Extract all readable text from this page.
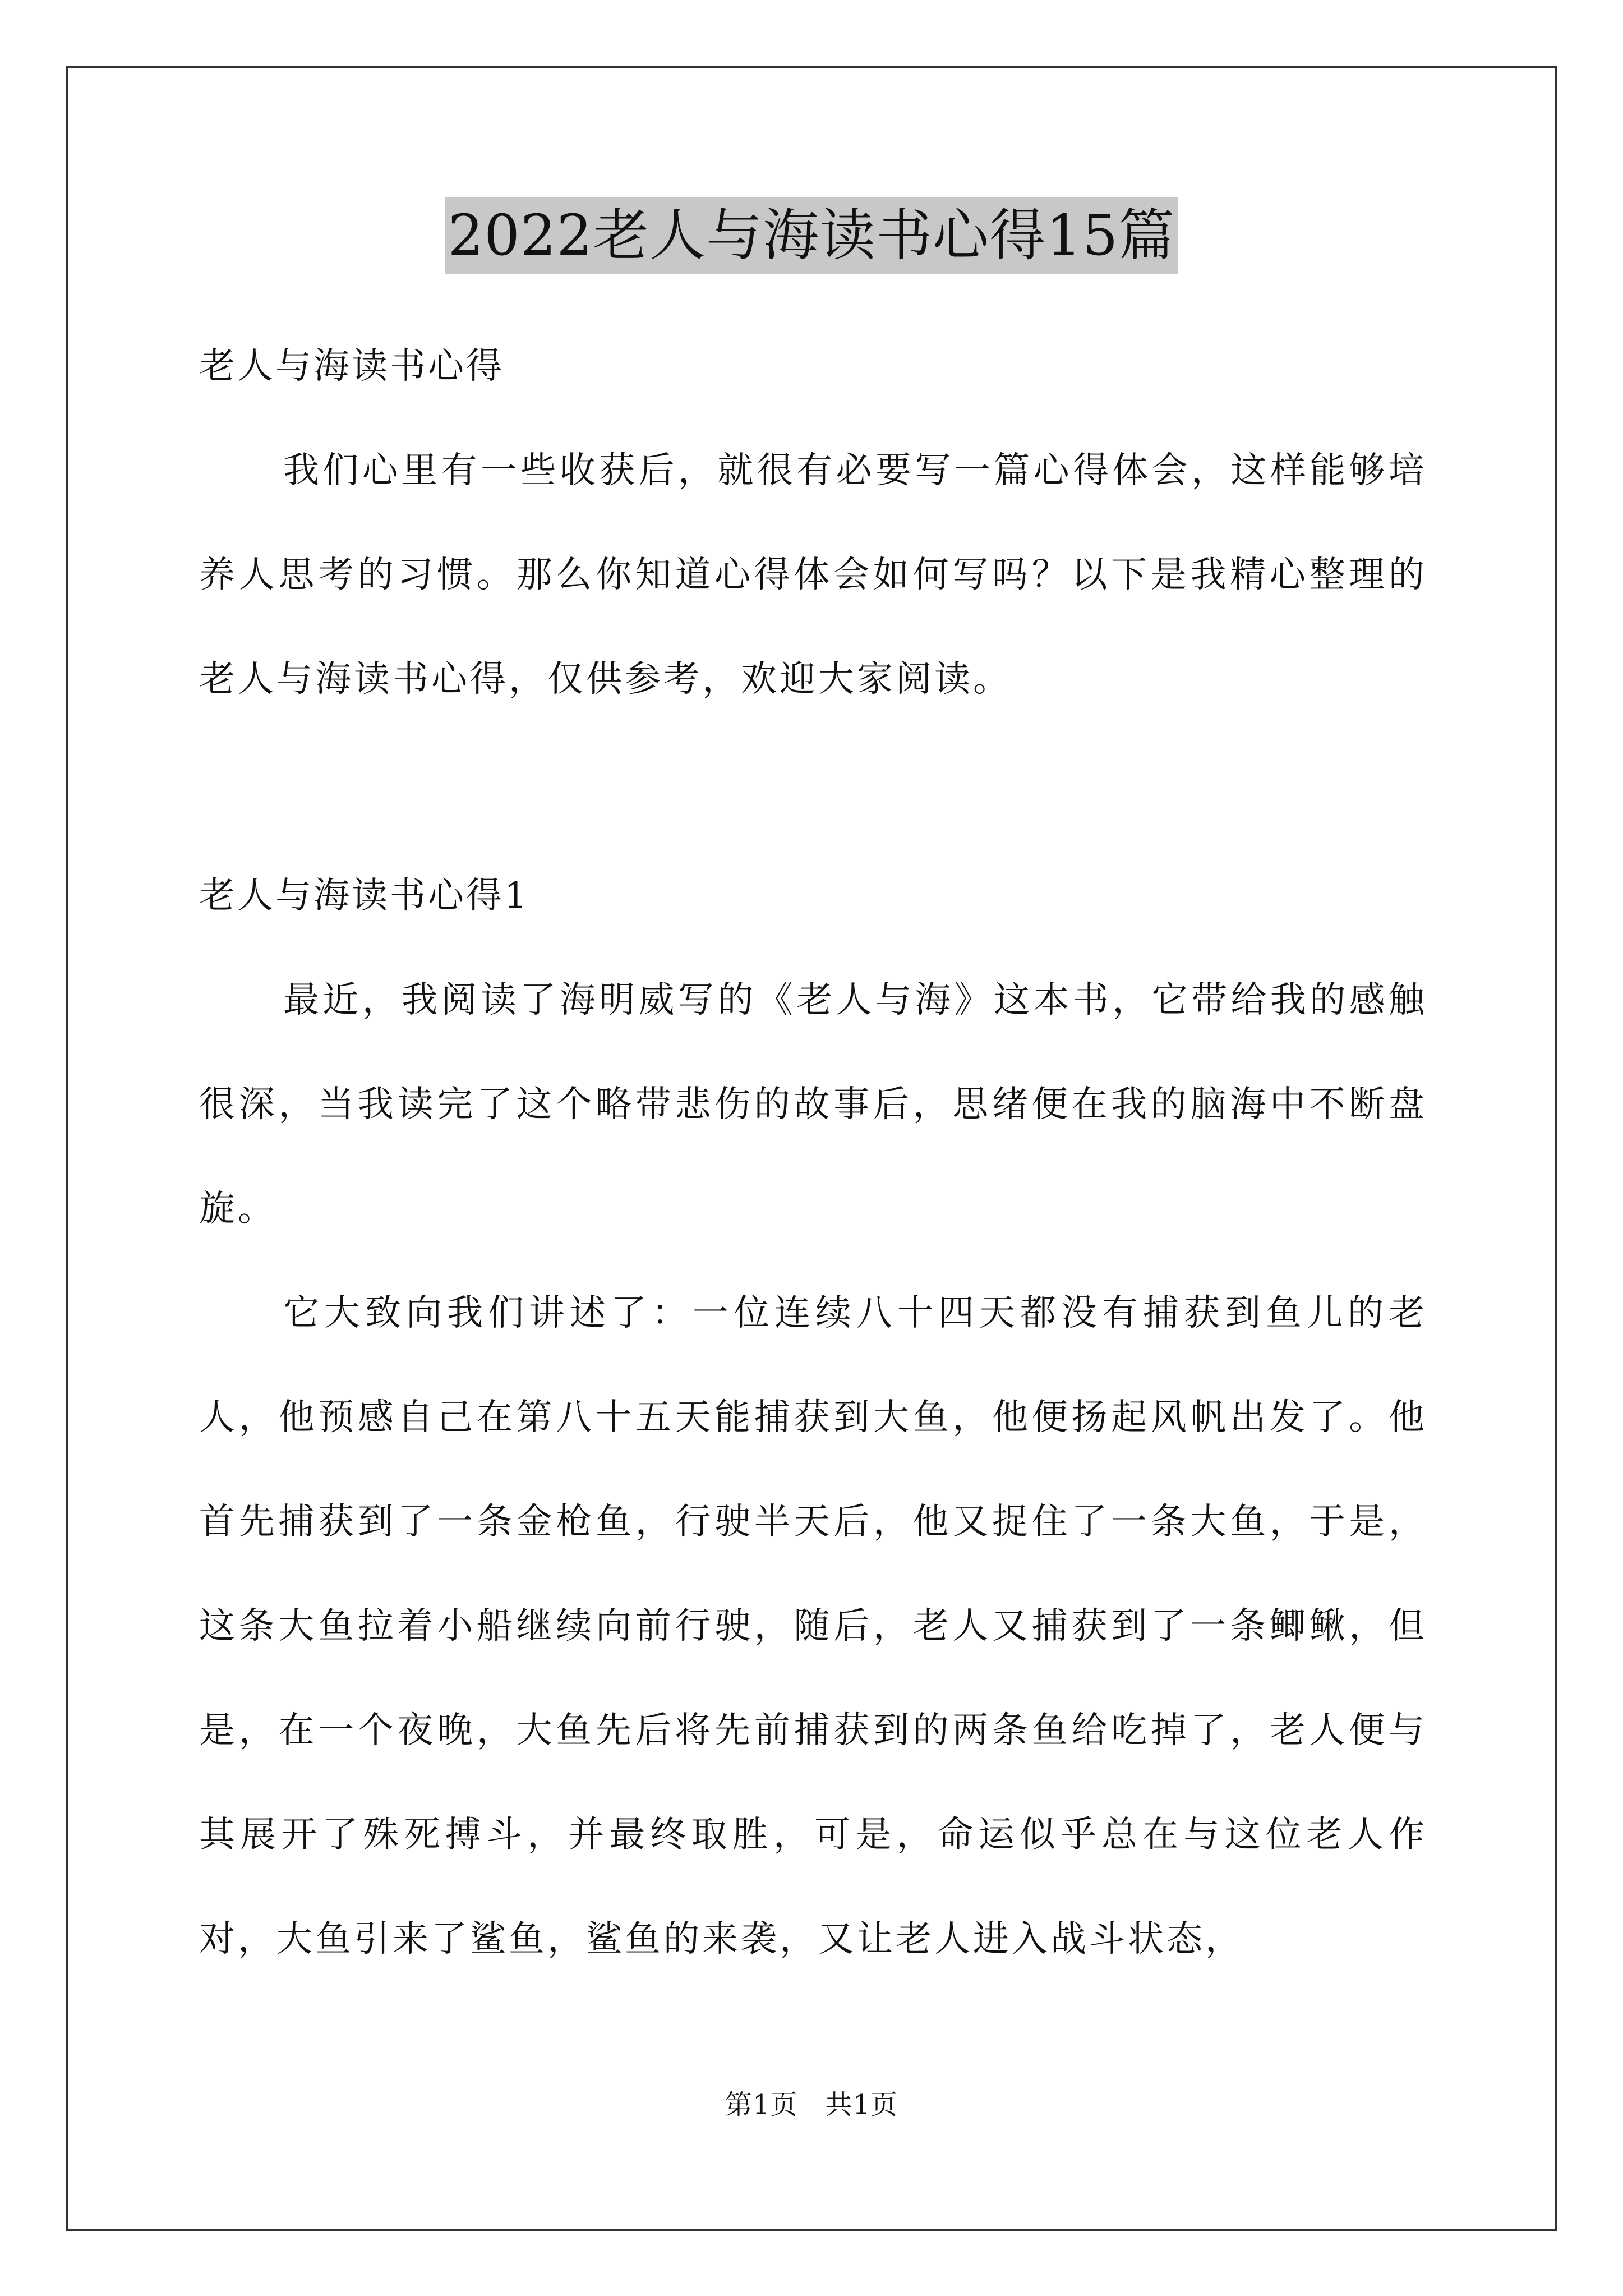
2022老人与海读书心得15篇
老人与海读书心得
我们心里有一些收获后，就很有必要写一篇心得体会，这样能够培养人思考的习惯。那么你知道心得体会如何写吗？以下是我精心整理的老人与海读书心得，仅供参考，欢迎大家阅读。
老人与海读书心得1
最近，我阅读了海明威写的《老人与海》这本书，它带给我的感触很深，当我读完了这个略带悲伤的故事后，思绪便在我的脑海中不断盘旋。
它大致向我们讲述了：一位连续八十四天都没有捕获到鱼儿的老人，他预感自己在第八十五天能捕获到大鱼，他便扬起风帆出发了。他首先捕获到了一条金枪鱼，行驶半天后，他又捉住了一条大鱼，于是，这条大鱼拉着小船继续向前行驶，随后，老人又捕获到了一条鲫鳅，但是，在一个夜晚，大鱼先后将先前捕获到的两条鱼给吃掉了，老人便与其展开了殊死搏斗，并最终取胜，可是，命运似乎总在与这位老人作对，大鱼引来了鲨鱼，鲨鱼的来袭，又让老人进入战斗状态，
第1页　共1页
